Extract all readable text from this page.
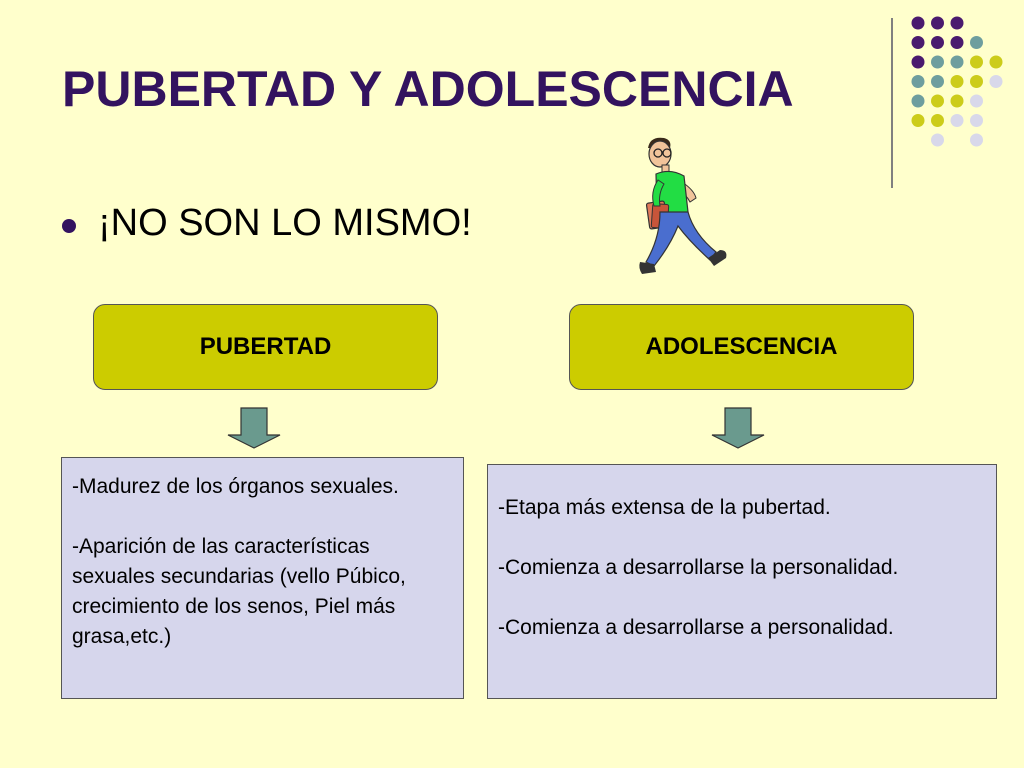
PUBERTAD Y ADOLESCENCIA
¡NO SON LO MISMO!
PUBERTAD	ADOLESCENCIA

-Madurez de los órganos sexuales.

-Aparición de las características sexuales secundarias (vello Púbico, crecimiento de los senos, Piel más grasa,etc.)

-Etapa más extensa de la pubertad.

-Comienza a desarrollarse la personalidad.

-Comienza a desarrollarse a personalidad.
